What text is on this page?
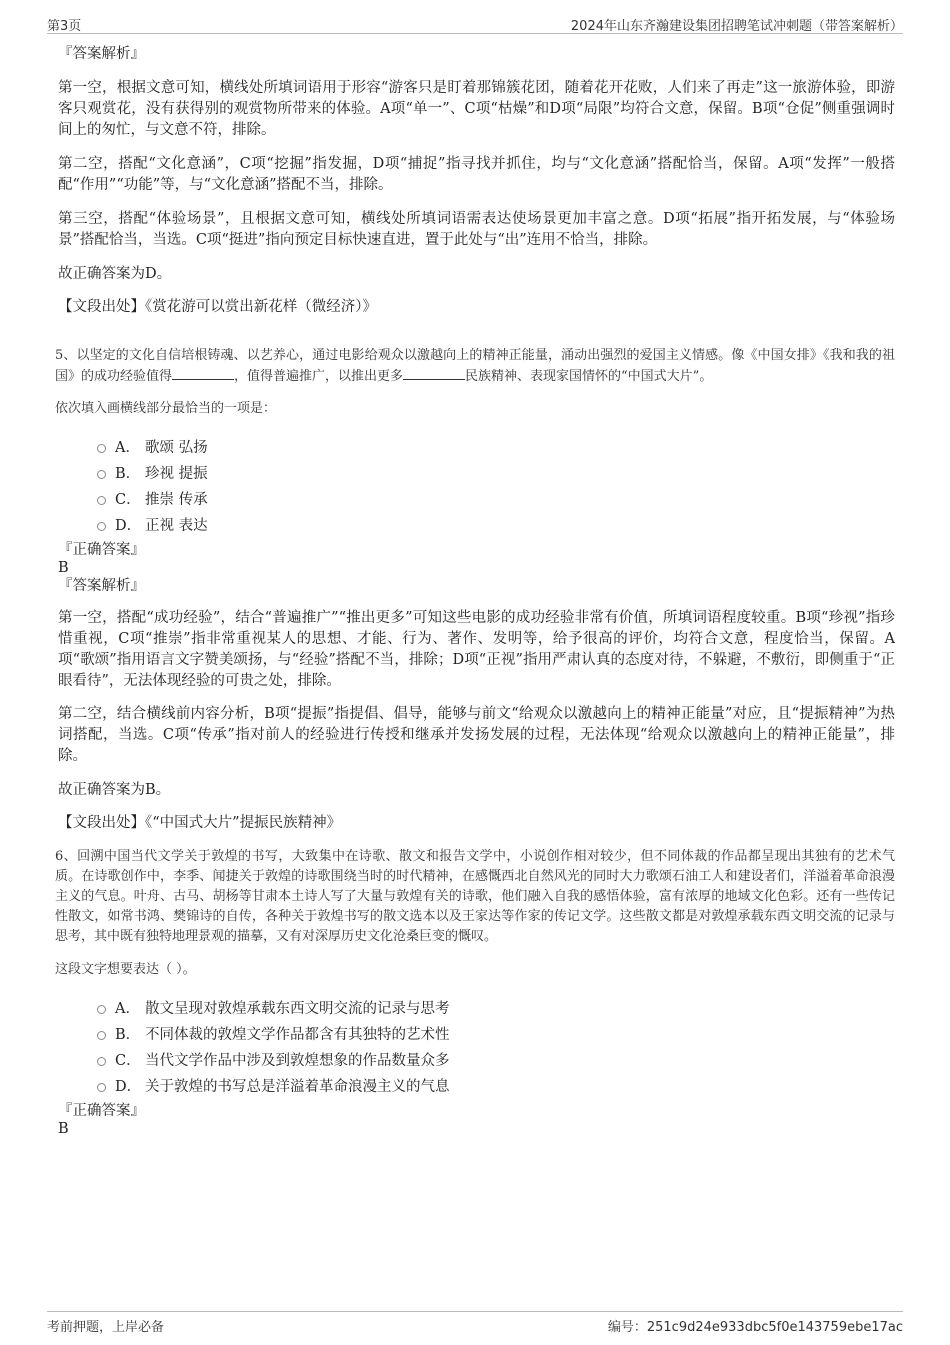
第3页	2024年山东齐瀚建设集团招聘笔试冲刺题（带答案解析）
『答案解析』

第一空，根据文意可知，横线处所填词语用于形容“游客只是盯着那锦簇花团，随着花开花败，人们来了再走”这一旅游体验，即游客只观赏花，没有获得别的观赏物所带来的体验。A项“单一”、C项“枯燥”和D项“局限”均符合文意，保留。B项“仓促”侧重强调时间上的匆忙，与文意不符，排除。

第二空，搭配“文化意涵”，C项“挖掘”指发掘，D项“捕捉”指寻找并抓住，均与“文化意涵”搭配恰当，保留。A项“发挥”一般搭配“作用”“功能”等，与“文化意涵”搭配不当，排除。

第三空，搭配“体验场景”，且根据文意可知，横线处所填词语需表达使场景更加丰富之意。D项“拓展”指开拓发展，与“体验场景”搭配恰当，当选。C项“挺进”指向预定目标快速直进，置于此处与“出”连用不恰当，排除。

故正确答案为D。

【文段出处】《赏花游可以赏出新花样（微经济）》

5、以坚定的文化自信培根铸魂、以艺养心，通过电影给观众以激越向上的精神正能量，涌动出强烈的爱国主义情感。像《中国女排》《我和我的祖国》的成功经验值得	，值得普遍推广，以推出更多	民族精神、表现家国情怀的“中国式大片”。

依次填入画横线部分最恰当的一项是：

A． 歌颂 弘扬
B． 珍视 提振
C． 推崇 传承
D． 正视 表达
『正确答案』
B
『答案解析』

第一空，搭配“成功经验”，结合“普遍推广”“推出更多”可知这些电影的成功经验非常有价值，所填词语程度较重。B项“珍视”指珍惜重视，C项“推崇”指非常重视某人的思想、才能、行为、著作、发明等，给予很高的评价，均符合文意，程度恰当，保留。A项“歌颂”指用语言文字赞美颂扬，与“经验”搭配不当，排除；D项“正视”指用严肃认真的态度对待，不躲避，不敷衍，即侧重于“正眼看待”，无法体现经验的可贵之处，排除。

第二空，结合横线前内容分析，B项“提振”指提倡、倡导，能够与前文“给观众以激越向上的精神正能量”对应，且“提振精神”为热词搭配，当选。C项“传承”指对前人的经验进行传授和继承并发扬发展的过程，无法体现“给观众以激越向上的精神正能量”，排除。

故正确答案为B。

【文段出处】《“中国式大片”提振民族精神》

6、回溯中国当代文学关于敦煌的书写，大致集中在诗歌、散文和报告文学中，小说创作相对较少，但不同体裁的作品都呈现出其独有的艺术气质。在诗歌创作中，李季、闻捷关于敦煌的诗歌围绕当时的时代精神，在感慨西北自然风光的同时大力歌颂石油工人和建设者们，洋溢着革命浪漫主义的气息。叶舟、古马、胡杨等甘肃本土诗人写了大量与敦煌有关的诗歌，他们融入自我的感悟体验，富有浓厚的地域文化色彩。还有一些传记性散文，如常书鸿、樊锦诗的自传，各种关于敦煌书写的散文选本以及王家达等作家的传记文学。这些散文都是对敦煌承载东西文明交流的记录与思考，其中既有独特地理景观的描摹，又有对深厚历史文化沧桑巨变的慨叹。

这段文字想要表达（ ）。

A． 散文呈现对敦煌承载东西文明交流的记录与思考
B． 不同体裁的敦煌文学作品都含有其独特的艺术性
C． 当代文学作品中涉及到敦煌想象的作品数量众多
D． 关于敦煌的书写总是洋溢着革命浪漫主义的气息
『正确答案』
B
考前押题，上岸必备	编号：251c9d24e933dbc5f0e143759ebe17ac
